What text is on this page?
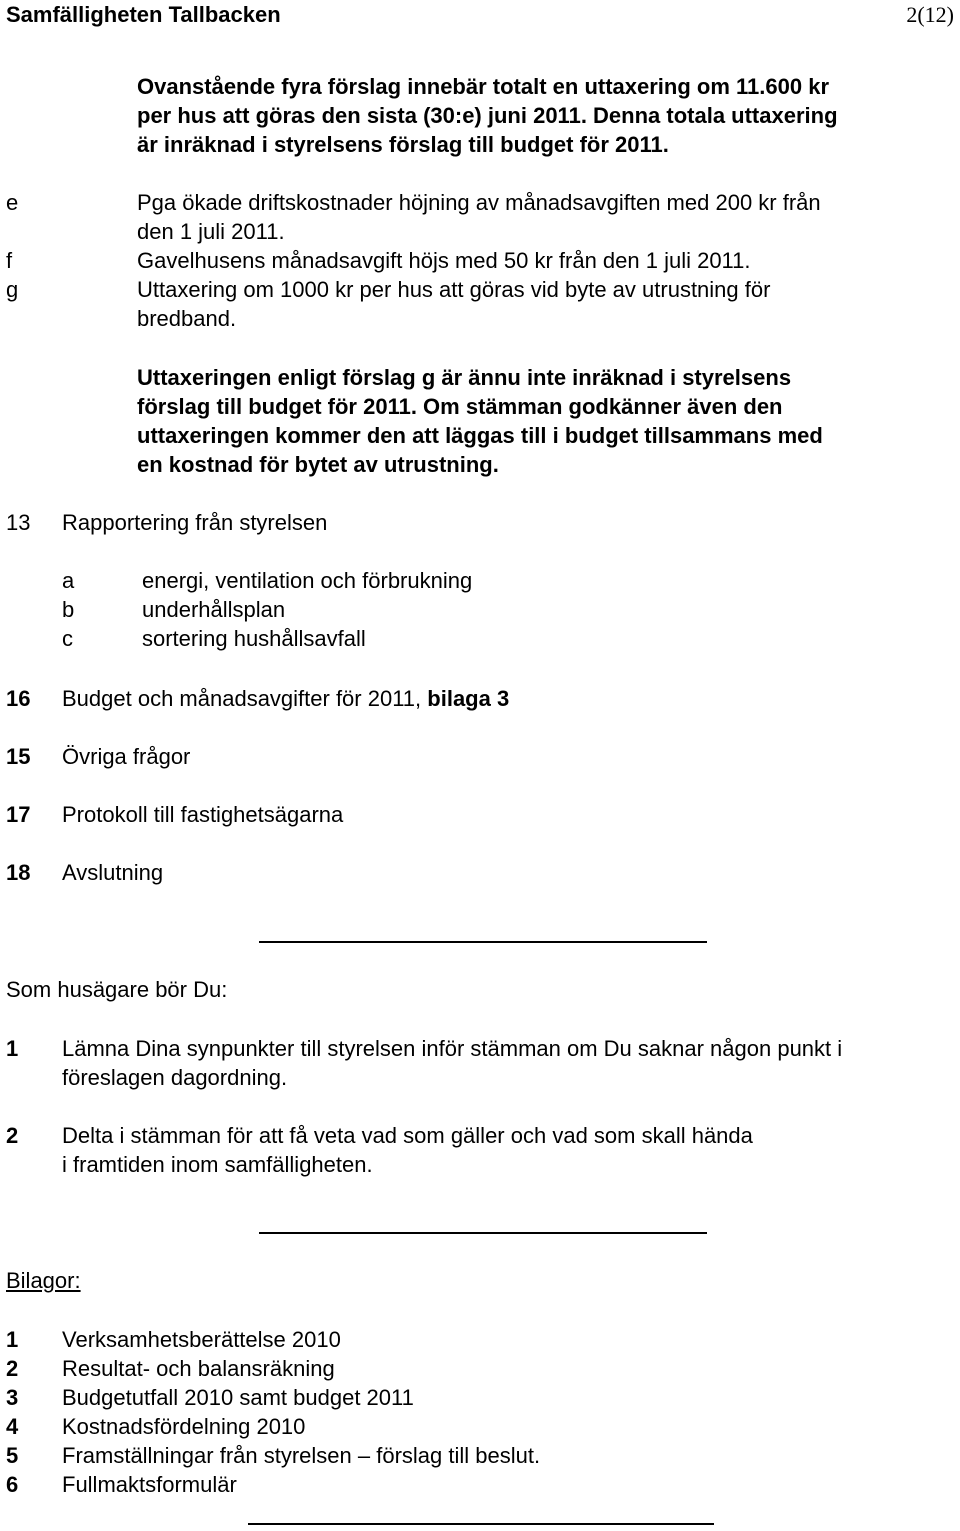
Samfälligheten Tallbacken	2(12)
Ovanstående fyra förslag innebär totalt en uttaxering om 11.600 kr
per hus att göras den sista (30:e) juni 2011. Denna totala uttaxering
är inräknad i styrelsens förslag till budget för 2011.
e	Pga ökade driftskostnader höjning av månadsavgiften med 200 kr från
den 1 juli 2011.
f	Gavelhusens månadsavgift höjs med 50 kr från den 1 juli 2011.
g	Uttaxering om 1000 kr per hus att göras vid byte av utrustning för
bredband.
Uttaxeringen enligt förslag g är ännu inte inräknad i styrelsens
förslag till budget för 2011. Om stämman godkänner även den
uttaxeringen kommer den att läggas till i budget tillsammans med
en kostnad för bytet av utrustning.
13 Rapportering från styrelsen
a	energi, ventilation och förbrukning
b	underhållsplan
c	sortering hushållsavfall
16 Budget och månadsavgifter för 2011, bilaga 3
15 Övriga frågor
17 Protokoll till fastighetsägarna
18 Avslutning
Som husägare bör Du:
1 Lämna Dina synpunkter till styrelsen inför stämman om Du saknar någon punkt i
föreslagen dagordning.
2 Delta i stämman för att få veta vad som gäller och vad som skall hända
i framtiden inom samfälligheten.
Bilagor:
1 Verksamhetsberättelse 2010
2 Resultat- och balansräkning
3 Budgetutfall 2010 samt budget 2011
4 Kostnadsfördelning 2010
5 Framställningar från styrelsen – förslag till beslut.
6 Fullmaktsformulär
